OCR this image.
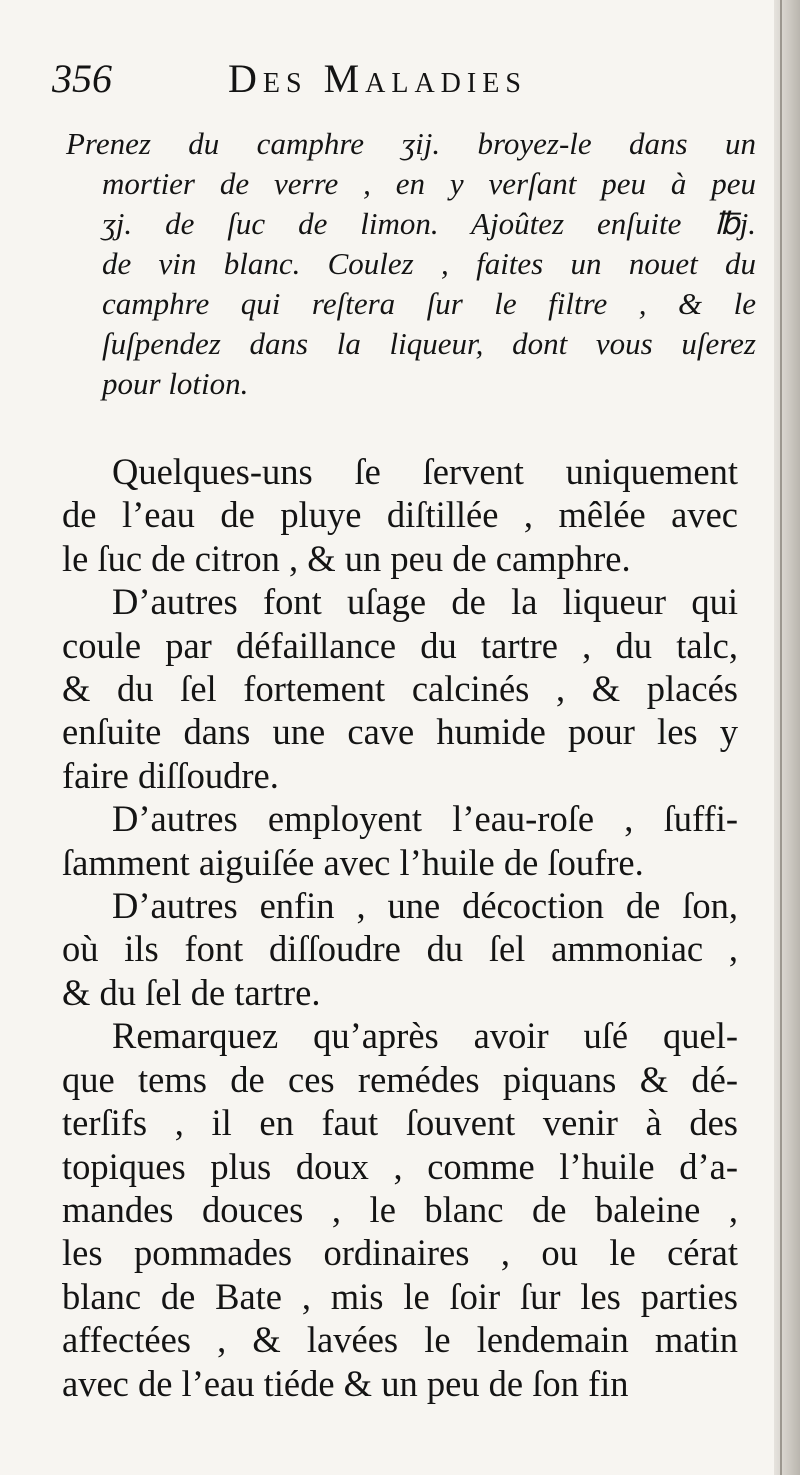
356	Des Maladies
Prenez du camphre ʒij. broyez-le dans un
mortier de verre , en y verſant peu à peu
ʒj. de ſuc de limon. Ajoûtez enſuite ℔j.
de vin blanc. Coulez , faites un nouet du
camphre qui reſtera ſur le filtre , & le
ſuſpendez dans la liqueur, dont vous uſerez
pour lotion.
Quelques-uns ſe ſervent uniquement
de l’eau de pluye diſtillée , mêlée avec
le ſuc de citron , & un peu de camphre.
D’autres font uſage de la liqueur qui
coule par défaillance du tartre , du talc,
& du ſel fortement calcinés , & placés
enſuite dans une cave humide pour les y
faire diſſoudre.
D’autres employent l’eau-roſe , ſuffi-
ſamment aiguiſée avec l’huile de ſoufre.
D’autres enfin , une décoction de ſon,
où ils font diſſoudre du ſel ammoniac ,
& du ſel de tartre.
Remarquez qu’après avoir uſé quel-
que tems de ces remédes piquans & dé-
terſifs , il en faut ſouvent venir à des
topiques plus doux , comme l’huile d’a-
mandes douces , le blanc de baleine ,
les pommades ordinaires , ou le cérat
blanc de Bate , mis le ſoir ſur les parties
affectées , & lavées le lendemain matin
avec de l’eau tiéde & un peu de ſon fin
